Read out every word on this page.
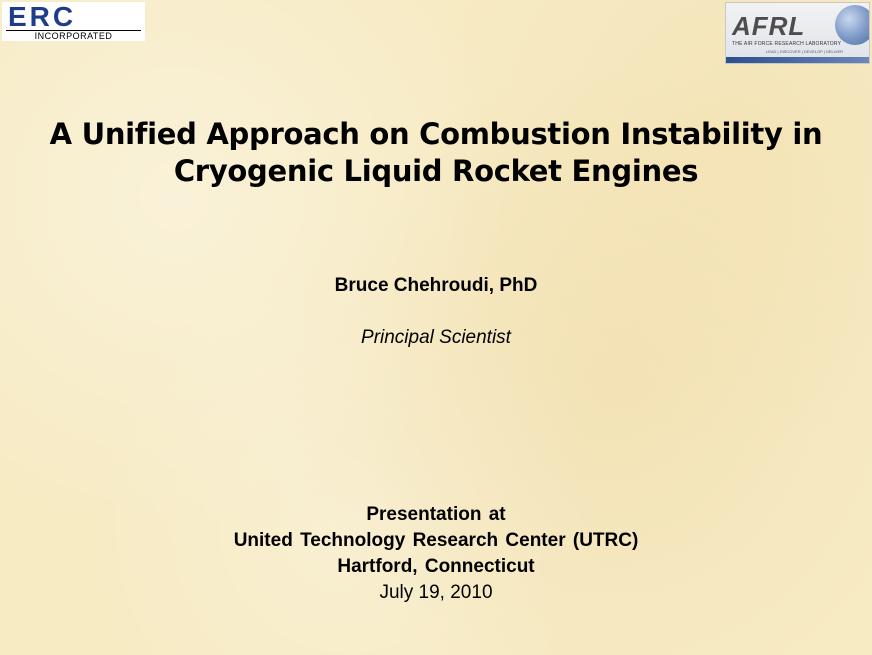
ERC
INCORPORATED	AFRL
THE AIR FORCE RESEARCH LABORATORY
LEAD | DISCOVER | DEVELOP | DELIVER
A Unified Approach on Combustion Instability in
Cryogenic Liquid Rocket Engines
Bruce Chehroudi, PhD
Principal Scientist
Presentation at
United Technology Research Center (UTRC)
Hartford, Connecticut
July 19, 2010
